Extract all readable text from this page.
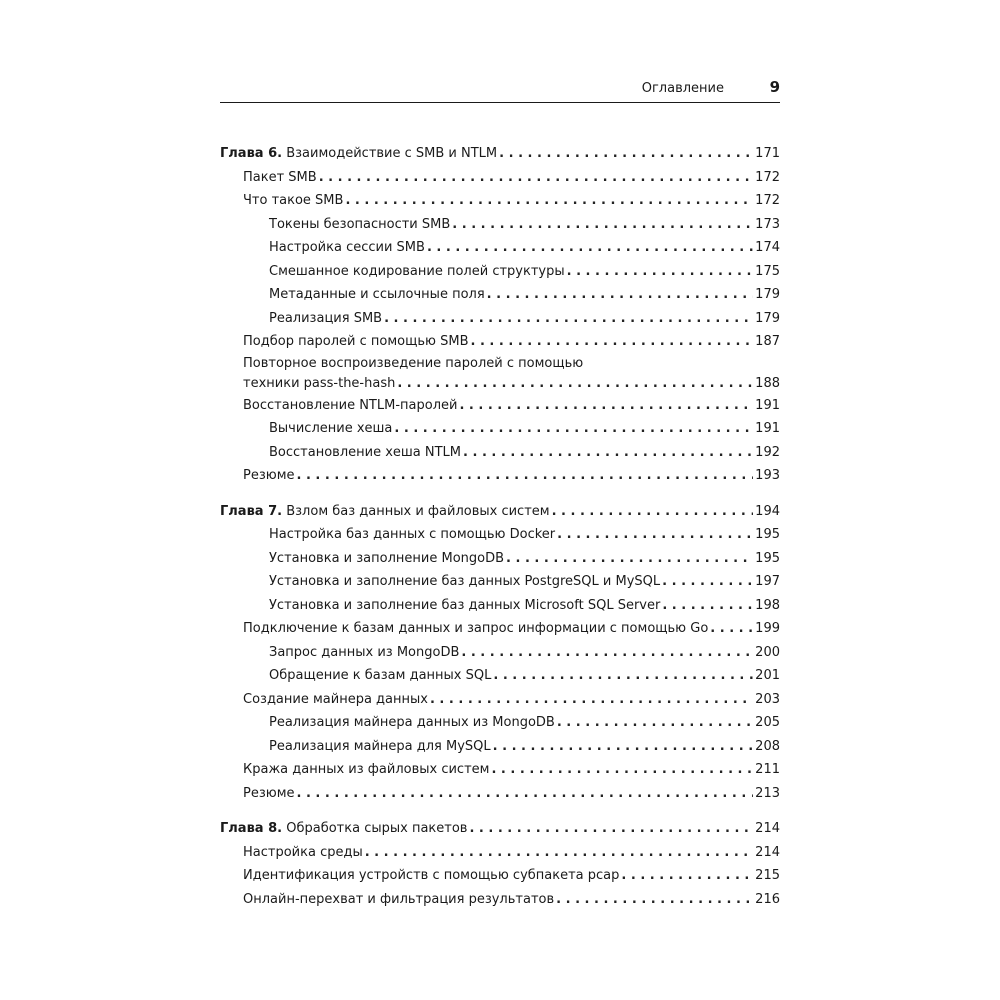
Оглавление	9
Глава 6. Взаимодействие с SMB и NTLM . . .	171
Пакет SMB . . .	172
Что такое SMB . . .	172
Токены безопасности SMB . . .	173
Настройка сессии SMB . . .	174
Смешанное кодирование полей структуры . . .	175
Метаданные и ссылочные поля . . .	179
Реализация SMB . . .	179
Подбор паролей с помощью SMB . . .	187
Повторное воспроизведение паролей с помощью
техники pass-the-hash . . .	188
Восстановление NTLM-паролей . . .	191
Вычисление хеша . . .	191
Восстановление хеша NTLM . . .	192
Резюме . . .	193
Глава 7. Взлом баз данных и файловых систем . . .	194
Настройка баз данных с помощью Docker . . .	195
Установка и заполнение MongoDB . . .	195
Установка и заполнение баз данных PostgreSQL и MySQL . . .	197
Установка и заполнение баз данных Microsoft SQL Server . . .	198
Подключение к базам данных и запрос информации с помощью Go . . .	199
Запрос данных из MongoDB . . .	200
Обращение к базам данных SQL . . .	201
Создание майнера данных . . .	203
Реализация майнера данных из MongoDB . . .	205
Реализация майнера для MySQL . . .	208
Кража данных из файловых систем . . .	211
Резюме . . .	213
Глава 8. Обработка сырых пакетов . . .	214
Настройка среды . . .	214
Идентификация устройств с помощью субпакета pcap . . .	215
Онлайн-перехват и фильтрация результатов . . .	216
